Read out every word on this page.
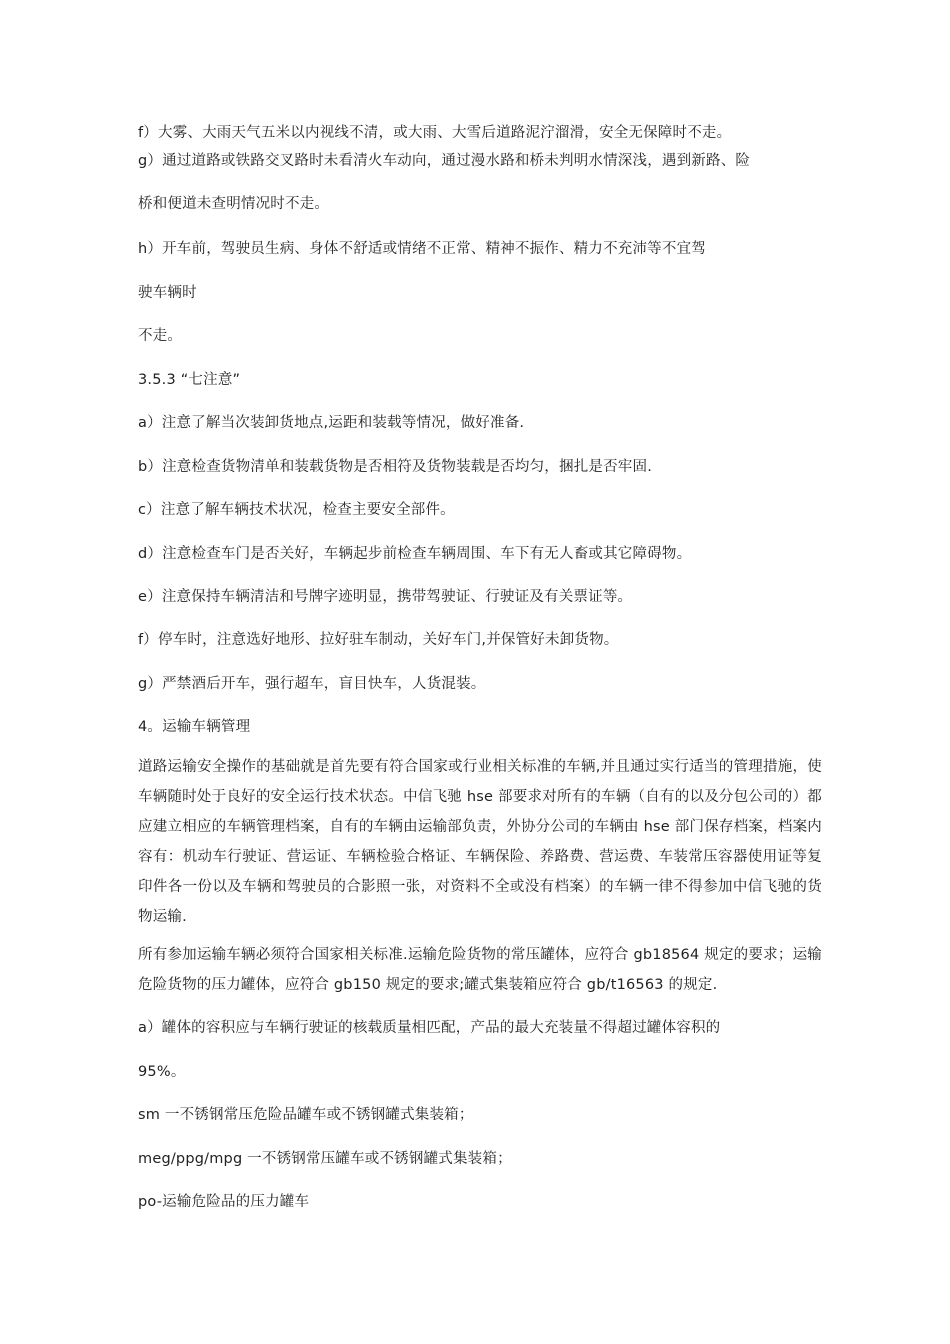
f）大雾、大雨天气五米以内视线不清，或大雨、大雪后道路泥泞溜滑，安全无保障时不走。
g）通过道路或铁路交叉路时未看清火车动向，通过漫水路和桥未判明水情深浅，遇到新路、险
桥和便道未查明情况时不走。
h）开车前，驾驶员生病、身体不舒适或情绪不正常、精神不振作、精力不充沛等不宜驾
驶车辆时
不走。
3.5.3 “七注意”
a）注意了解当次装卸货地点,运距和装载等情况，做好准备.
b）注意检查货物清单和装载货物是否相符及货物装载是否均匀，捆扎是否牢固.
c）注意了解车辆技术状况，检查主要安全部件。
d）注意检查车门是否关好，车辆起步前检查车辆周围、车下有无人畜或其它障碍物。
e）注意保持车辆清洁和号牌字迹明显，携带驾驶证、行驶证及有关票证等。
f）停车时，注意选好地形、拉好驻车制动，关好车门,并保管好未卸货物。
g）严禁酒后开车，强行超车，盲目快车，人货混装。
4。运输车辆管理
道路运输安全操作的基础就是首先要有符合国家或行业相关标准的车辆,并且通过实行适当的管理措施，使车辆随时处于良好的安全运行技术状态。中信飞驰 hse 部要求对所有的车辆（自有的以及分包公司的）都应建立相应的车辆管理档案，自有的车辆由运输部负责，外协分公司的车辆由 hse 部门保存档案，档案内容有：机动车行驶证、营运证、车辆检验合格证、车辆保险、养路费、营运费、车装常压容器使用证等复印件各一份以及车辆和驾驶员的合影照一张，对资料不全或没有档案）的车辆一律不得参加中信飞驰的货物运输.
所有参加运输车辆必须符合国家相关标准.运输危险货物的常压罐体，应符合 gb18564 规定的要求；运输危险货物的压力罐体，应符合 gb150 规定的要求;罐式集装箱应符合 gb/t16563 的规定.
a）罐体的容积应与车辆行驶证的核载质量相匹配，产品的最大充装量不得超过罐体容积的
95%。
sm 一不锈钢常压危险品罐车或不锈钢罐式集装箱；
meg/ppg/mpg 一不锈钢常压罐车或不锈钢罐式集装箱；
po-运输危险品的压力罐车
